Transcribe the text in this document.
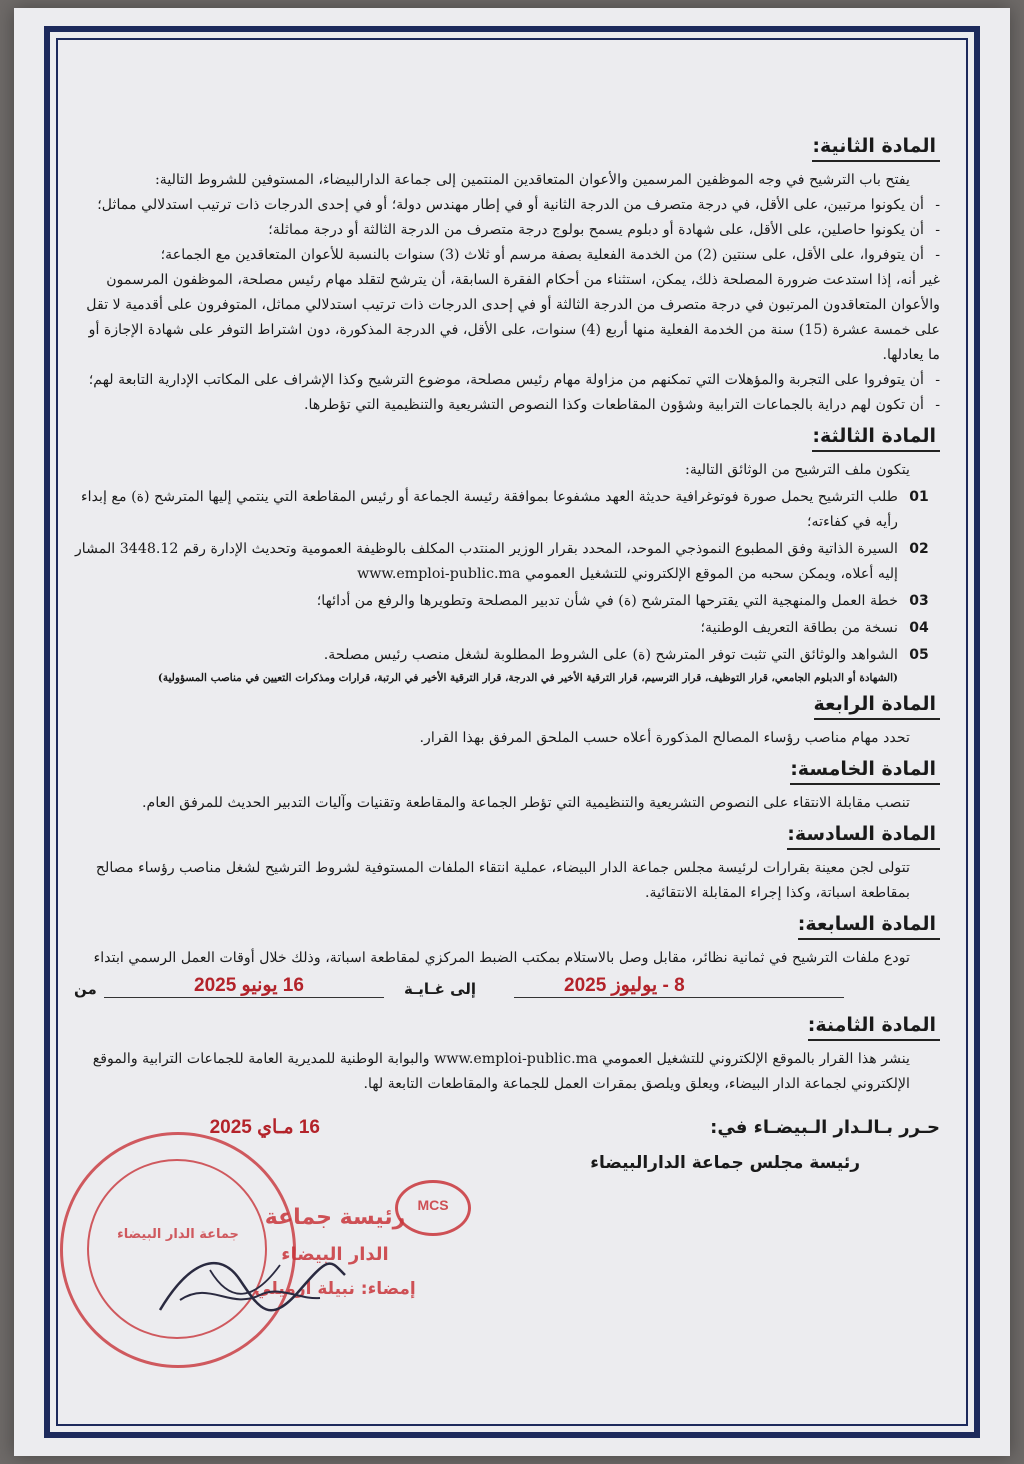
المادة الثانية:

يفتح باب الترشيح في وجه الموظفين المرسمين والأعوان المتعاقدين المنتمين إلى جماعة الدارالبيضاء، المستوفين للشروط التالية:

- أن يكونوا مرتبين، على الأقل، في درجة متصرف من الدرجة الثانية أو في إطار مهندس دولة؛ أو في إحدى الدرجات ذات ترتيب استدلالي مماثل؛

- أن يكونوا حاصلين، على الأقل، على شهادة أو دبلوم يسمح بولوج درجة متصرف من الدرجة الثالثة أو درجة مماثلة؛

- أن يتوفروا، على الأقل، على سنتين (2) من الخدمة الفعلية بصفة مرسم أو ثلاث (3) سنوات بالنسبة للأعوان المتعاقدين مع الجماعة؛

غير أنه، إذا استدعت ضرورة المصلحة ذلك، يمكن، استثناء من أحكام الفقرة السابقة، أن يترشح لتقلد مهام رئيس مصلحة، الموظفون المرسمون والأعوان المتعاقدون المرتبون في درجة متصرف من الدرجة الثالثة أو في إحدى الدرجات ذات ترتيب استدلالي مماثل، المتوفرون على أقدمية لا تقل على خمسة عشرة (15) سنة من الخدمة الفعلية منها أربع (4) سنوات، على الأقل، في الدرجة المذكورة، دون اشتراط التوفر على شهادة الإجازة أو ما يعادلها.

- أن يتوفروا على التجربة والمؤهلات التي تمكنهم من مزاولة مهام رئيس مصلحة، موضوع الترشيح وكذا الإشراف على المكاتب الإدارية التابعة لهم؛

- أن تكون لهم دراية بالجماعات الترابية وشؤون المقاطعات وكذا النصوص التشريعية والتنظيمية التي تؤطرها.

المادة الثالثة:

يتكون ملف الترشيح من الوثائق التالية:

01
طلب الترشيح يحمل صورة فوتوغرافية حديثة العهد مشفوعا بموافقة رئيسة الجماعة أو رئيس المقاطعة التي ينتمي إليها المترشح (ة) مع إبداء رأيه في كفاءته؛
02
السيرة الذاتية وفق المطبوع النموذجي الموحد، المحدد بقرار الوزير المنتدب المكلف بالوظيفة العمومية وتحديث الإدارة رقم 3448.12 المشار إليه أعلاه، ويمكن سحبه من الموقع الإلكتروني للتشغيل العمومي www.emploi-public.ma
03
خطة العمل والمنهجية التي يقترحها المترشح (ة) في شأن تدبير المصلحة وتطويرها والرفع من أدائها؛
04
نسخة من بطاقة التعريف الوطنية؛
05
الشواهد والوثائق التي تثبت توفر المترشح (ة) على الشروط المطلوبة لشغل منصب رئيس مصلحة.

(الشهادة أو الدبلوم الجامعي، قرار التوظيف، قرار الترسيم، قرار الترقية الأخير في الدرجة، قرار الترقية الأخير في الرتبة، قرارات ومذكرات التعيين في مناصب المسؤولية)

المادة الرابعة

تحدد مهام مناصب رؤساء المصالح المذكورة أعلاه حسب الملحق المرفق بهذا القرار.

المادة الخامسة:

تنصب مقابلة الانتقاء على النصوص التشريعية والتنظيمية التي تؤطر الجماعة والمقاطعة وتقنيات وآليات التدبير الحديث للمرفق العام.

المادة السادسة:

تتولى لجن معينة بقرارات لرئيسة مجلس جماعة الدار البيضاء، عملية انتقاء الملفات المستوفية لشروط الترشيح لشغل مناصب رؤساء مصالح بمقاطعة اسباتة، وكذا إجراء المقابلة الانتقائية.

المادة السابعة:

تودع ملفات الترشيح في ثمانية نظائر، مقابل وصل بالاستلام بمكتب الضبط المركزي لمقاطعة اسباتة، وذلك خلال أوقات العمل الرسمي ابتداء

من	16 يونيو 2025	إلى غـايـة	8 - يوليوز 2025
المادة الثامنة:

ينشر هذا القرار بالموقع الإلكتروني للتشغيل العمومي www.emploi-public.ma والبوابة الوطنية للمديرية العامة للجماعات الترابية والموقع الإلكتروني لجماعة الدار البيضاء، ويعلق ويلصق بمقرات العمل للجماعة والمقاطعات التابعة لها.

حـرر بـالـدار الـبيضـاء في:
16 مـاي 2025
رئيسة مجلس جماعة الدارالبيضاء
جماعة الدار البيضاء
رئيسة جماعة
الدار البيضاء
إمضاء: نبيلة ارميلي
MCS
